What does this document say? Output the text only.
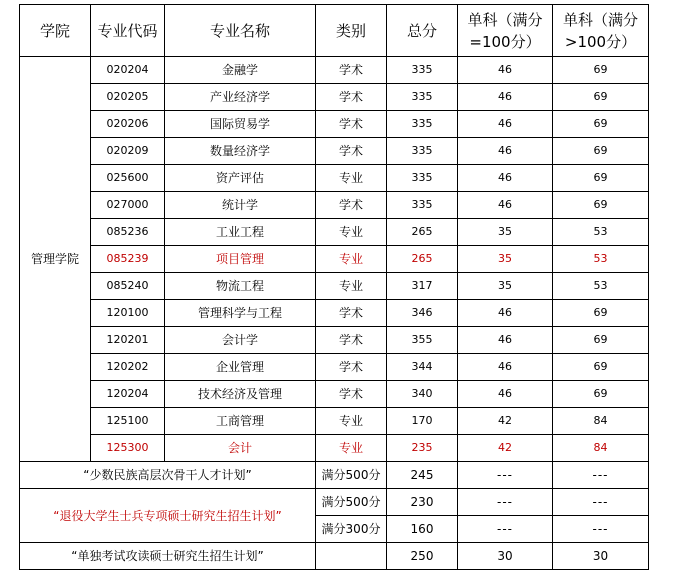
学院	专业代码	专业名称	类别	总分	单科（满分=100分）	单科（满分>100分）
管理学院	020204	金融学	学术	335	46	69
	020205	产业经济学	学术	335	46	69
	020206	国际贸易学	学术	335	46	69
	020209	数量经济学	学术	335	46	69
	025600	资产评估	专业	335	46	69
	027000	统计学	学术	335	46	69
	085236	工业工程	专业	265	35	53
	085239	项目管理	专业	265	35	53
	085240	物流工程	专业	317	35	53
	120100	管理科学与工程	学术	346	46	69
	120201	会计学	学术	355	46	69
	120202	企业管理	学术	344	46	69
	120204	技术经济及管理	学术	340	46	69
	125100	工商管理	专业	170	42	84
	125300	会计	专业	235	42	84
“少数民族高层次骨干人才计划”			满分500分	245	---	---
“退役大学生士兵专项硕士研究生招生计划”			满分500分	230	---	---
			满分300分	160	---	---
“单独考试攻读硕士研究生招生计划”				250	30	30
